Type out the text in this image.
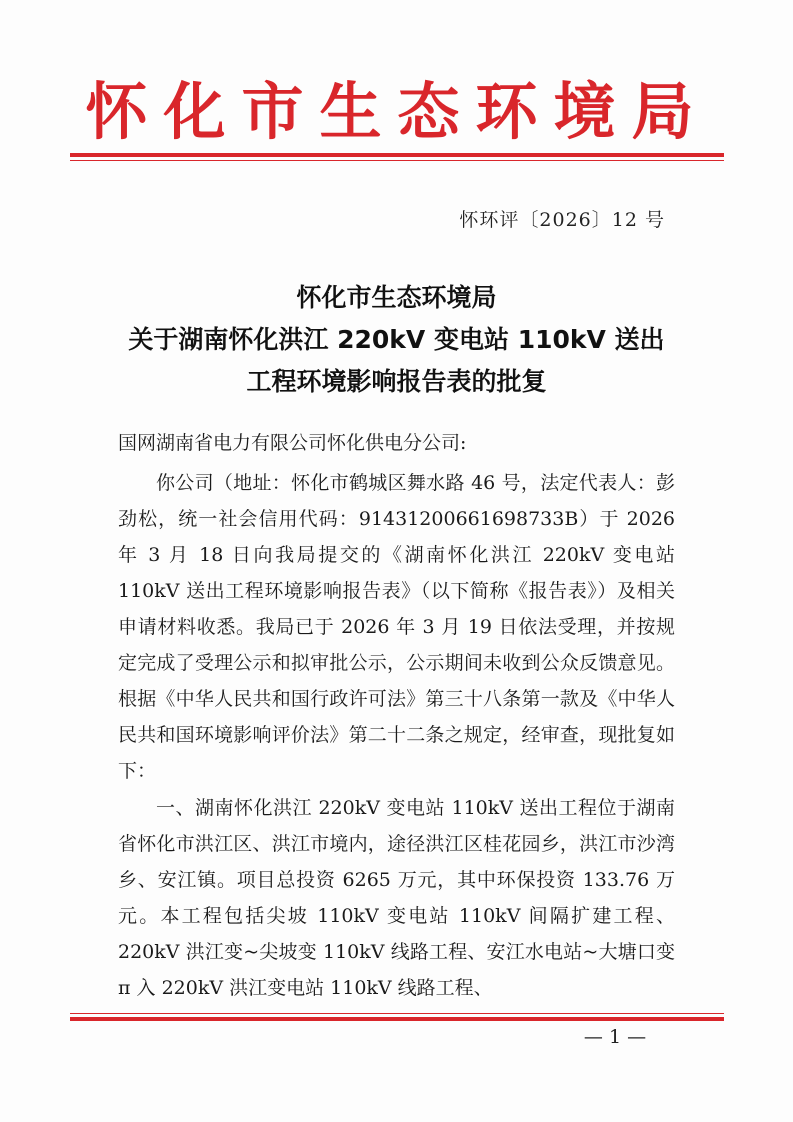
怀化市生态环境局
怀环评〔2026〕12 号
怀化市生态环境局
关于湖南怀化洪江 220kV 变电站 110kV 送出
工程环境影响报告表的批复
国网湖南省电力有限公司怀化供电分公司:
你公司（地址：怀化市鹤城区舞水路 46 号，法定代表人：彭劲松，统一社会信用代码：91431200661698733B）于 2026 年 3 月 18 日向我局提交的《湖南怀化洪江 220kV 变电站 110kV 送出工程环境影响报告表》（以下简称《报告表》）及相关申请材料收悉。我局已于 2026 年 3 月 19 日依法受理，并按规定完成了受理公示和拟审批公示，公示期间未收到公众反馈意见。根据《中华人民共和国行政许可法》第三十八条第一款及《中华人民共和国环境影响评价法》第二十二条之规定，经审查，现批复如下：
一、湖南怀化洪江 220kV 变电站 110kV 送出工程位于湖南省怀化市洪江区、洪江市境内，途径洪江区桂花园乡，洪江市沙湾乡、安江镇。项目总投资 6265 万元，其中环保投资 133.76 万元。本工程包括尖坡 110kV 变电站 110kV 间隔扩建工程、220kV 洪江变~尖坡变 110kV 线路工程、安江水电站~大塘口变 π 入 220kV 洪江变电站 110kV 线路工程、
— 1 —
